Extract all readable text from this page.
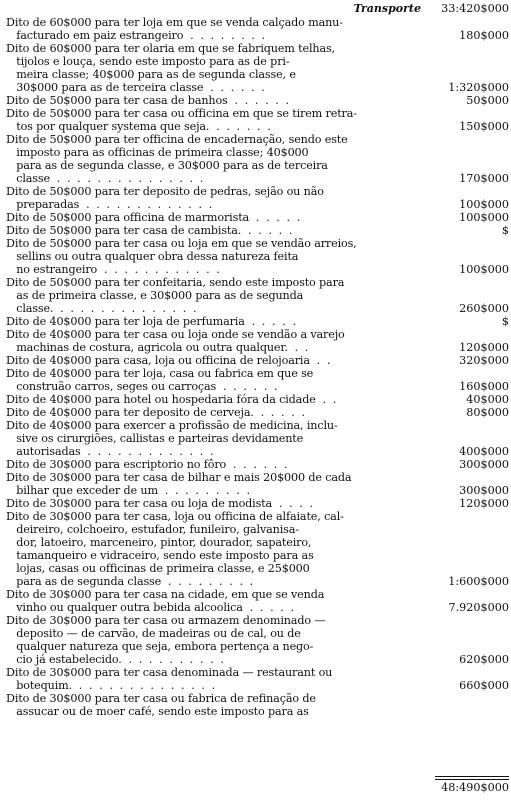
Transporte 33:420$000
Dito de 60$000 para ter loja em que se venda calçado manu-
facturado em paiz estrangeiro  .  .  .  .  .  .  .  .	180$000
Dito de 60$000 para ter olaria em que se fabriquem telhas,
tijolos e louça, sendo este imposto para as de pri-
meira classe; 40$000 para as de segunda classe, e
30$000 para as de terceira classe  .  .  .  .  .  .	1:320$000
Dito de 50$000 para ter casa de banhos  .  .  .  .  .  .	50$000
Dito de 50$000 para ter casa ou officina em que se tirem retra-
tos por qualquer systema que seja.  .  .  .  .  .  .	150$000
Dito de 50$000 para ter officina de encadernação, sendo este
imposto para as officinas de primeira classe; 40$000
para as de segunda classe, e 30$000 para as de terceira
classe  .  .  .  .  .  .  .  .  .  .  .  .  .  .  .	170$000
Dito de 50$000 para ter deposito de pedras, sejão ou não
preparadas  .  .  .  .  .  .  .  .  .  .  .  .  .	100$000
Dito de 50$000 para officina de marmorista  .  .  .  .  .	100$000
Dito de 50$000 para ter casa de cambista.  .  .  .  .  .	$
Dito de 50$000 para ter casa ou loja em que se vendão arreios,
sellins ou outra qualquer obra dessa natureza feita
no estrangeiro  .  .  .  .  .  .  .  .  .  .  .  .	100$000
Dito de 50$000 para ter confeitaria, sendo este imposto para
as de primeira classe, e 30$000 para as de segunda
classe.  .  .  .  .  .  .  .  .  .  .  .  .  .  .	260$000
Dito de 40$000 para ter loja de perfumaria  .  .  .  .  .	$
Dito de 40$000 para ter casa ou loja onde se vendão a varejo
machinas de costura, agricola ou outra qualquer.  .  .	120$000
Dito de 40$000 para casa, loja ou officina de relojoaria  .  .	320$000
Dito de 40$000 para ter loja, casa ou fabrica em que se
construão carros, seges ou carroças  .  .  .  .  .  .	160$000
Dito de 40$000 para hotel ou hospedaria fóra da cidade  .  .	40$000
Dito de 40$000 para ter deposito de cerveja.  .  .  .  .  .	80$000
Dito de 40$000 para exercer a profissão de medicina, inclu-
sive os cirurgiões, callistas e parteiras devidamente
autorisadas  .  .  .  .  .  .  .  .  .  .  .  .  .	400$000
Dito de 30$000 para escriptorio no fôro  .  .  .  .  .  .	300$000
Dito de 30$000 para ter casa de bilhar e mais 20$000 de cada
bilhar que exceder de um  .  .  .  .  .  .  .  .  .	300$000
Dito de 30$000 para ter casa ou loja de modista  .  .  .  .	120$000
Dito de 30$000 para ter casa, loja ou officina de alfaiate, cal-
deireiro, colchoeiro, estufador, funileiro, galvanisa-
dor, latoeiro, marceneiro, pintor, dourador, sapateiro,
tamanqueiro e vidraceiro, sendo este imposto para as
lojas, casas ou officinas de primeira classe, e 25$000
para as de segunda classe  .  .  .  .  .  .  .  .  .	1:600$000
Dito de 30$000 para ter casa na cidade, em que se venda
vinho ou qualquer outra bebida alcoolica  .  .  .  .  .	7.920$000
Dito de 30$000 para ter casa ou armazem denominado —
deposito — de carvão, de madeiras ou de cal, ou de
qualquer natureza que seja, embora pertença a nego-
cio já estabelecido.  .  .  .  .  .  .  .  .  .  .	620$000
Dito de 30$000 para ter casa denominada — restaurant ou
botequim.  .  .  .  .  .  .  .  .  .  .  .  .  .  .	660$000
Dito de 30$000 para ter casa ou fabrica de refinação de
assucar ou de moer café, sendo este imposto para as
48:490$000
